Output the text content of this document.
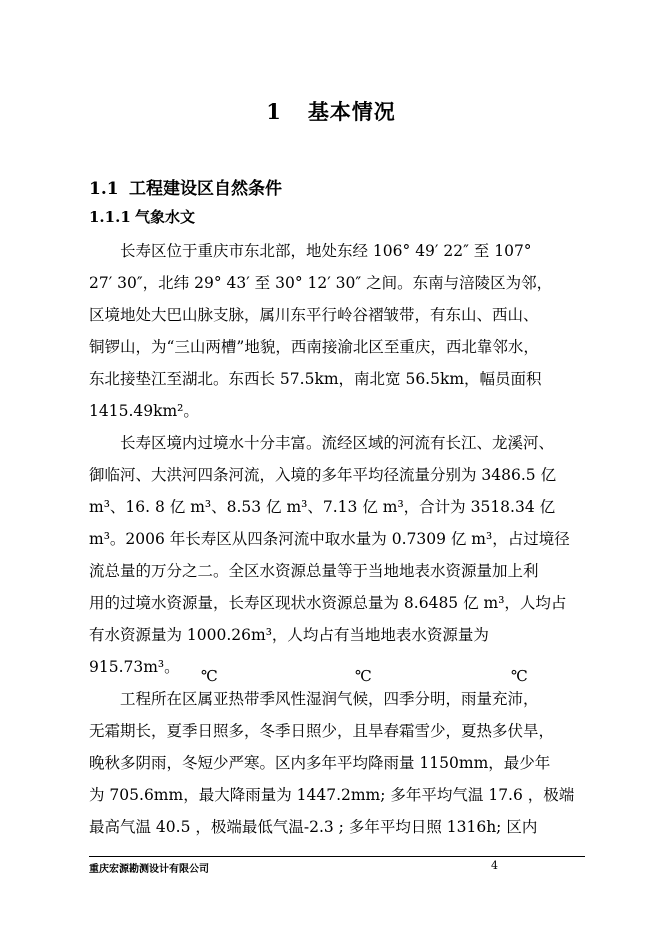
1 基本情况
1.1 工程建设区自然条件
1.1.1 气象水文
长寿区位于重庆市东北部，地处东经 106° 49′ 22″ 至 107°
27′ 30″，北纬 29° 43′ 至 30° 12′ 30″ 之间。东南与涪陵区为邻，
区境地处大巴山脉支脉，属川东平行岭谷褶皱带，有东山、西山、
铜锣山，为“三山两槽”地貌，西南接渝北区至重庆，西北靠邻水，
东北接垫江至湖北。东西长 57.5km，南北宽 56.5km，幅员面积
1415.49km²。
长寿区境内过境水十分丰富。流经区域的河流有长江、龙溪河、
御临河、大洪河四条河流，入境的多年平均径流量分别为 3486.5 亿
m³、16. 8 亿 m³、8.53 亿 m³、7.13 亿 m³，合计为 3518.34 亿
m³。2006 年长寿区从四条河流中取水量为 0.7309 亿 m³，占过境径
流总量的万分之二。全区水资源总量等于当地地表水资源量加上利
用的过境水资源量，长寿区现状水资源总量为 8.6485 亿 m³，人均占
有水资源量为 1000.26m³，人均占有当地地表水资源量为
915.73m³。
工程所在区属亚热带季风性湿润气候，四季分明，雨量充沛，
无霜期长，夏季日照多，冬季日照少，且旱春霜雪少，夏热多伏旱，
晚秋多阴雨，冬短少严寒。区内多年平均降雨量 1150mm，最少年
为 705.6mm，最大降雨量为 1447.2mm; 多年平均气温 17.6 ，极端
最高气温 40.5 ，极端最低气温-2.3 ; 多年平均日照 1316h; 区内
℃	℃	℃
重庆宏源勘测设计有限公司	4
